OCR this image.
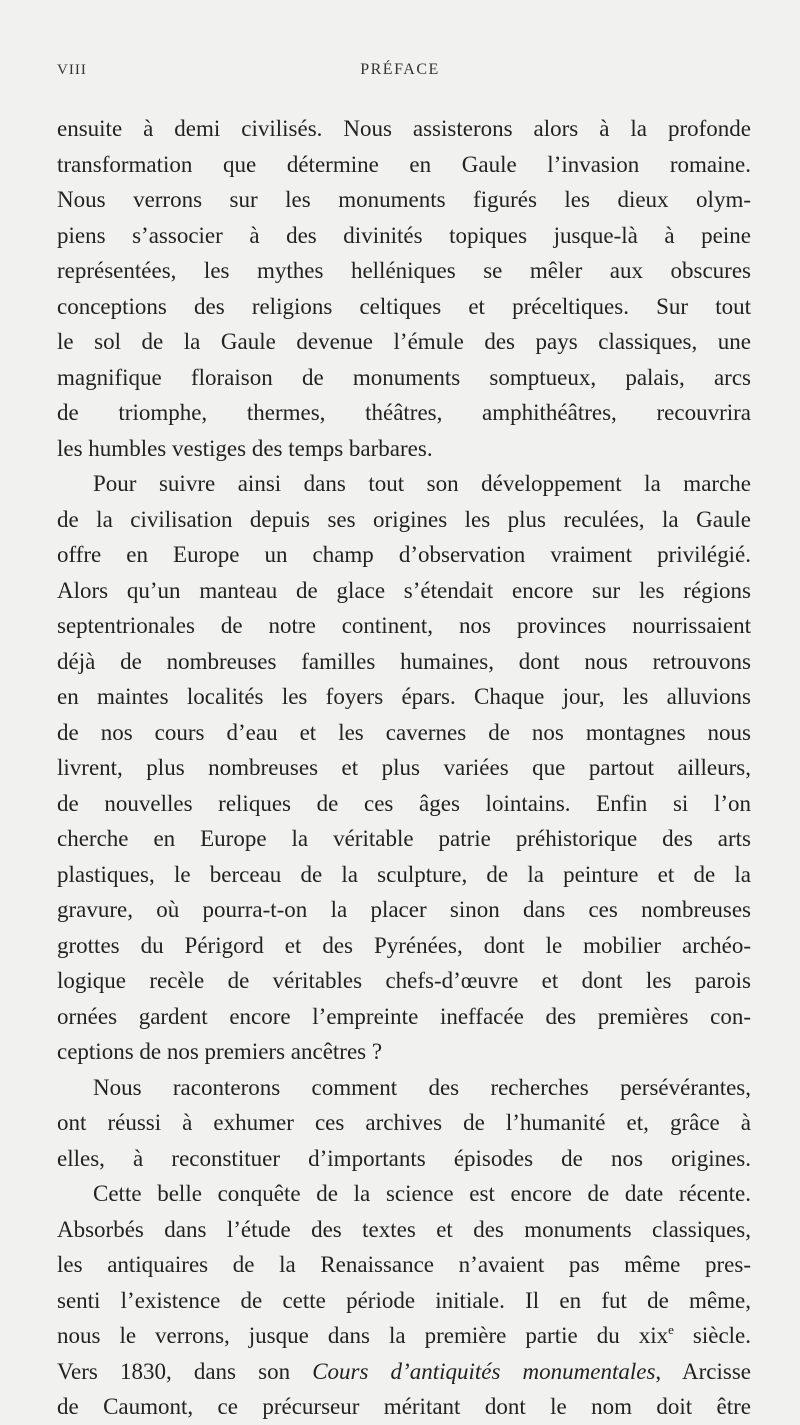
VIII	PRÉFACE
ensuite à demi civilisés. Nous assisterons alors à la profonde
transformation que détermine en Gaule l’invasion romaine.
Nous verrons sur les monuments figurés les dieux olym-
piens s’associer à des divinités topiques jusque-là à peine
représentées, les mythes helléniques se mêler aux obscures
conceptions des religions celtiques et préceltiques. Sur tout
le sol de la Gaule devenue l’émule des pays classiques, une
magnifique floraison de monuments somptueux, palais, arcs
de triomphe, thermes, théâtres, amphithéâtres, recouvrira
les humbles vestiges des temps barbares.
Pour suivre ainsi dans tout son développement la marche
de la civilisation depuis ses origines les plus reculées, la Gaule
offre en Europe un champ d’observation vraiment privilégié.
Alors qu’un manteau de glace s’étendait encore sur les régions
septentrionales de notre continent, nos provinces nourrissaient
déjà de nombreuses familles humaines, dont nous retrouvons
en maintes localités les foyers épars. Chaque jour, les alluvions
de nos cours d’eau et les cavernes de nos montagnes nous
livrent, plus nombreuses et plus variées que partout ailleurs,
de nouvelles reliques de ces âges lointains. Enfin si l’on
cherche en Europe la véritable patrie préhistorique des arts
plastiques, le berceau de la sculpture, de la peinture et de la
gravure, où pourra-t-on la placer sinon dans ces nombreuses
grottes du Périgord et des Pyrénées, dont le mobilier archéo-
logique recèle de véritables chefs-d’œuvre et dont les parois
ornées gardent encore l’empreinte ineffacée des premières con-
ceptions de nos premiers ancêtres ?
Nous raconterons comment des recherches persévérantes,
ont réussi à exhumer ces archives de l’humanité et, grâce à
elles, à reconstituer d’importants épisodes de nos origines.
Cette belle conquête de la science est encore de date récente.
Absorbés dans l’étude des textes et des monuments classiques,
les antiquaires de la Renaissance n’avaient pas même pres-
senti l’existence de cette période initiale. Il en fut de même,
nous le verrons, jusque dans la première partie du xix$^e$ siècle.
Vers 1830, dans son Cours d’antiquités monumentales, Arcisse
de Caumont, ce précurseur méritant dont le nom doit être
